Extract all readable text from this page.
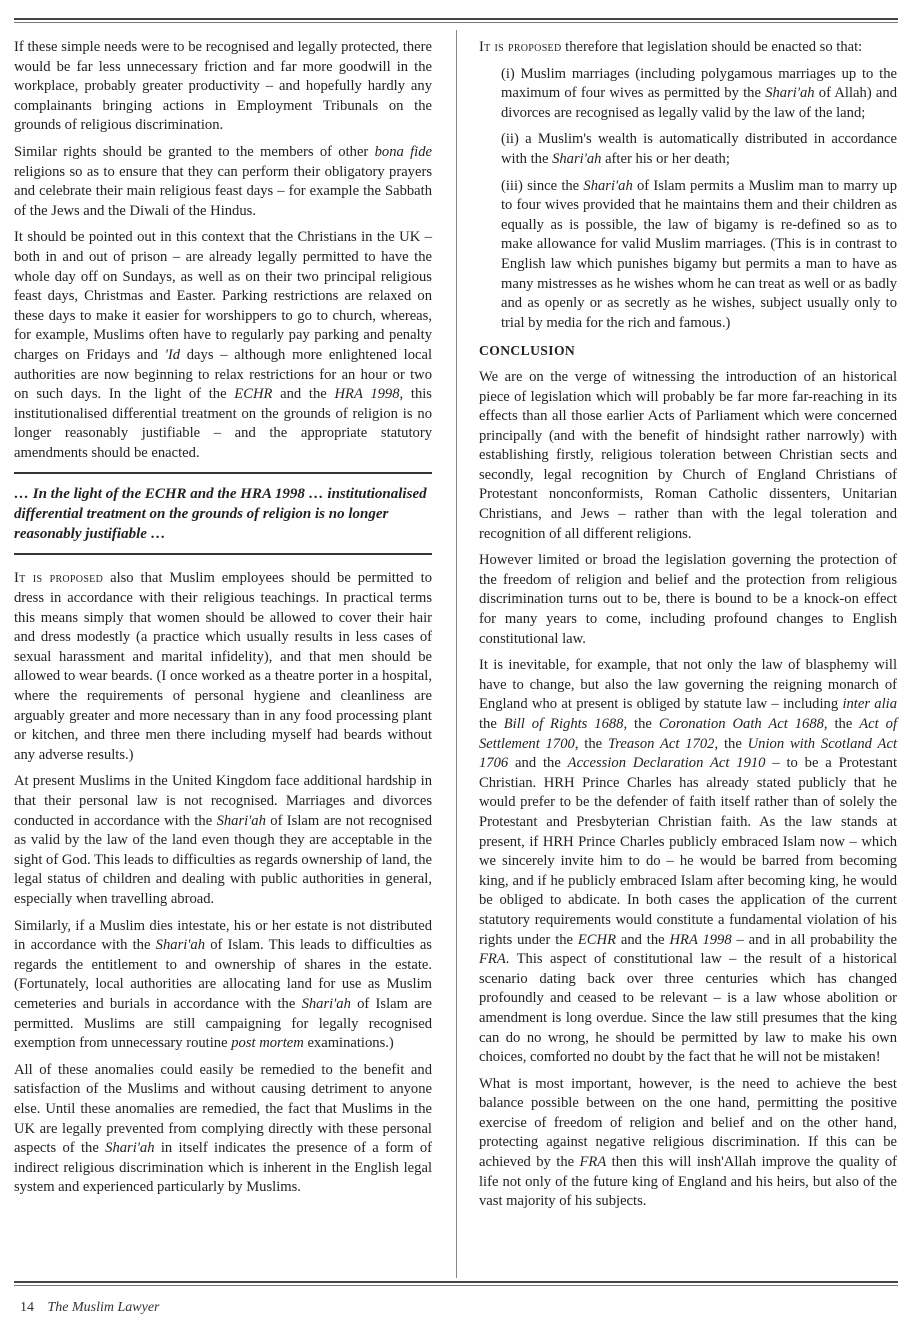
If these simple needs were to be recognised and legally protected, there would be far less unnecessary friction and far more goodwill in the workplace, probably greater productivity – and hopefully hardly any complainants bringing actions in Employment Tribunals on the grounds of religious discrimination.

Similar rights should be granted to the members of other bona fide religions so as to ensure that they can perform their obligatory prayers and celebrate their main religious feast days – for example the Sabbath of the Jews and the Diwali of the Hindus.

It should be pointed out in this context that the Christians in the UK – both in and out of prison – are already legally permitted to have the whole day off on Sundays, as well as on their two principal religious feast days, Christmas and Easter. Parking restrictions are relaxed on these days to make it easier for worshippers to go to church, whereas, for example, Muslims often have to regularly pay parking and penalty charges on Fridays and 'Id days – although more enlightened local authorities are now beginning to relax restrictions for an hour or two on such days. In the light of the ECHR and the HRA 1998, this institutionalised differential treatment on the grounds of religion is no longer reasonably justifiable – and the appropriate statutory amendments should be enacted.

… In the light of the ECHR and the HRA 1998 … institutionalised differential treatment on the grounds of religion is no longer reasonably justifiable …

It is proposed also that Muslim employees should be permitted to dress in accordance with their religious teachings. In practical terms this means simply that women should be allowed to cover their hair and dress modestly (a practice which usually results in less cases of sexual harassment and marital infidelity), and that men should be allowed to wear beards. (I once worked as a theatre porter in a hospital, where the requirements of personal hygiene and cleanliness are arguably greater and more necessary than in any food processing plant or kitchen, and three men there including myself had beards without any adverse results.)

At present Muslims in the United Kingdom face additional hardship in that their personal law is not recognised. Marriages and divorces conducted in accordance with the Shari'ah of Islam are not recognised as valid by the law of the land even though they are acceptable in the sight of God. This leads to difficulties as regards ownership of land, the legal status of children and dealing with public authorities in general, especially when travelling abroad.

Similarly, if a Muslim dies intestate, his or her estate is not distributed in accordance with the Shari'ah of Islam. This leads to difficulties as regards the entitlement to and ownership of shares in the estate. (Fortunately, local authorities are allocating land for use as Muslim cemeteries and burials in accordance with the Shari'ah of Islam are permitted. Muslims are still campaigning for legally recognised exemption from unnecessary routine post mortem examinations.)

All of these anomalies could easily be remedied to the benefit and satisfaction of the Muslims and without causing detriment to anyone else. Until these anomalies are remedied, the fact that Muslims in the UK are legally prevented from complying directly with these personal aspects of the Shari'ah in itself indicates the presence of a form of indirect religious discrimination which is inherent in the English legal system and experienced particularly by Muslims.

It is proposed therefore that legislation should be enacted so that:

(i) Muslim marriages (including polygamous marriages up to the maximum of four wives as permitted by the Shari'ah of Allah) and divorces are recognised as legally valid by the law of the land;

(ii) a Muslim's wealth is automatically distributed in accordance with the Shari'ah after his or her death;

(iii) since the Shari'ah of Islam permits a Muslim man to marry up to four wives provided that he maintains them and their children as equally as is possible, the law of bigamy is re-defined so as to make allowance for valid Muslim marriages. (This is in contrast to English law which punishes bigamy but permits a man to have as many mistresses as he wishes whom he can treat as well or as badly and as openly or as secretly as he wishes, subject usually only to trial by media for the rich and famous.)

CONCLUSION

We are on the verge of witnessing the introduction of an historical piece of legislation which will probably be far more far-reaching in its effects than all those earlier Acts of Parliament which were concerned principally (and with the benefit of hindsight rather narrowly) with establishing firstly, religious toleration between Christian sects and secondly, legal recognition by Church of England Christians of Protestant nonconformists, Roman Catholic dissenters, Unitarian Christians, and Jews – rather than with the legal toleration and recognition of all different religions.

However limited or broad the legislation governing the protection of the freedom of religion and belief and the protection from religious discrimination turns out to be, there is bound to be a knock-on effect for many years to come, including profound changes to English constitutional law.

It is inevitable, for example, that not only the law of blasphemy will have to change, but also the law governing the reigning monarch of England who at present is obliged by statute law – including inter alia the Bill of Rights 1688, the Coronation Oath Act 1688, the Act of Settlement 1700, the Treason Act 1702, the Union with Scotland Act 1706 and the Accession Declaration Act 1910 – to be a Protestant Christian. HRH Prince Charles has already stated publicly that he would prefer to be the defender of faith itself rather than of solely the Protestant and Presbyterian Christian faith. As the law stands at present, if HRH Prince Charles publicly embraced Islam now – which we sincerely invite him to do – he would be barred from becoming king, and if he publicly embraced Islam after becoming king, he would be obliged to abdicate. In both cases the application of the current statutory requirements would constitute a fundamental violation of his rights under the ECHR and the HRA 1998 – and in all probability the FRA. This aspect of constitutional law – the result of a historical scenario dating back over three centuries which has changed profoundly and ceased to be relevant – is a law whose abolition or amendment is long overdue. Since the law still presumes that the king can do no wrong, he should be permitted by law to make his own choices, comforted no doubt by the fact that he will not be mistaken!

What is most important, however, is the need to achieve the best balance possible between on the one hand, permitting the positive exercise of freedom of religion and belief and on the other hand, protecting against negative religious discrimination. If this can be achieved by the FRA then this will insh'Allah improve the quality of life not only of the future king of England and his heirs, but also of the vast majority of his subjects.

14 The Muslim Lawyer
